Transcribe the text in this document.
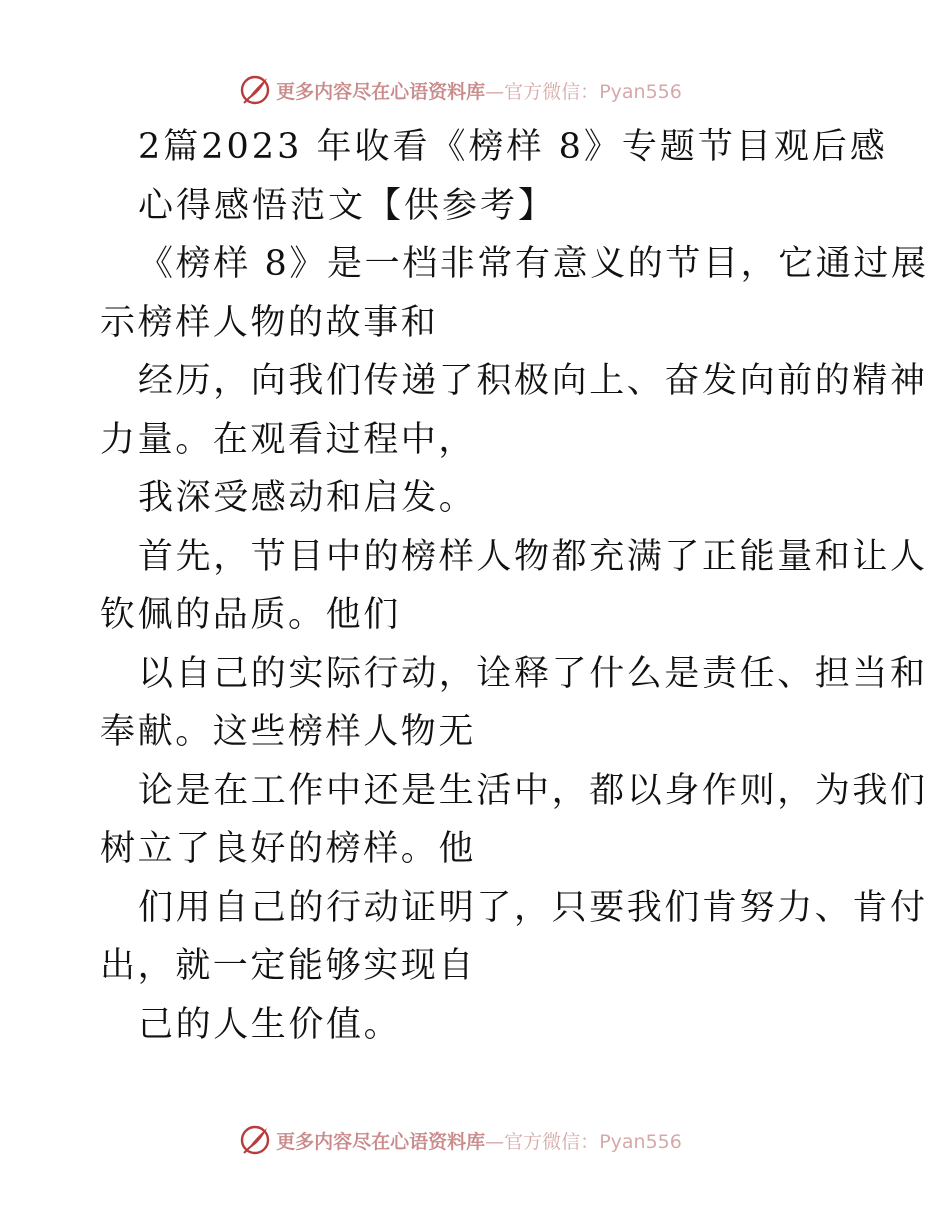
更多内容尽在心语资料库—官方微信：Pyan556
2篇2023 年收看《榜样 8》专题节目观后感
心得感悟范文【供参考】
《榜样 8》是一档非常有意义的节目，它通过展
示榜样人物的故事和
经历，向我们传递了积极向上、奋发向前的精神
力量。在观看过程中，
我深受感动和启发。
首先，节目中的榜样人物都充满了正能量和让人
钦佩的品质。他们
以自己的实际行动，诠释了什么是责任、担当和
奉献。这些榜样人物无
论是在工作中还是生活中，都以身作则，为我们
树立了良好的榜样。他
们用自己的行动证明了，只要我们肯努力、肯付
出，就一定能够实现自
己的人生价值。
更多内容尽在心语资料库—官方微信：Pyan556
